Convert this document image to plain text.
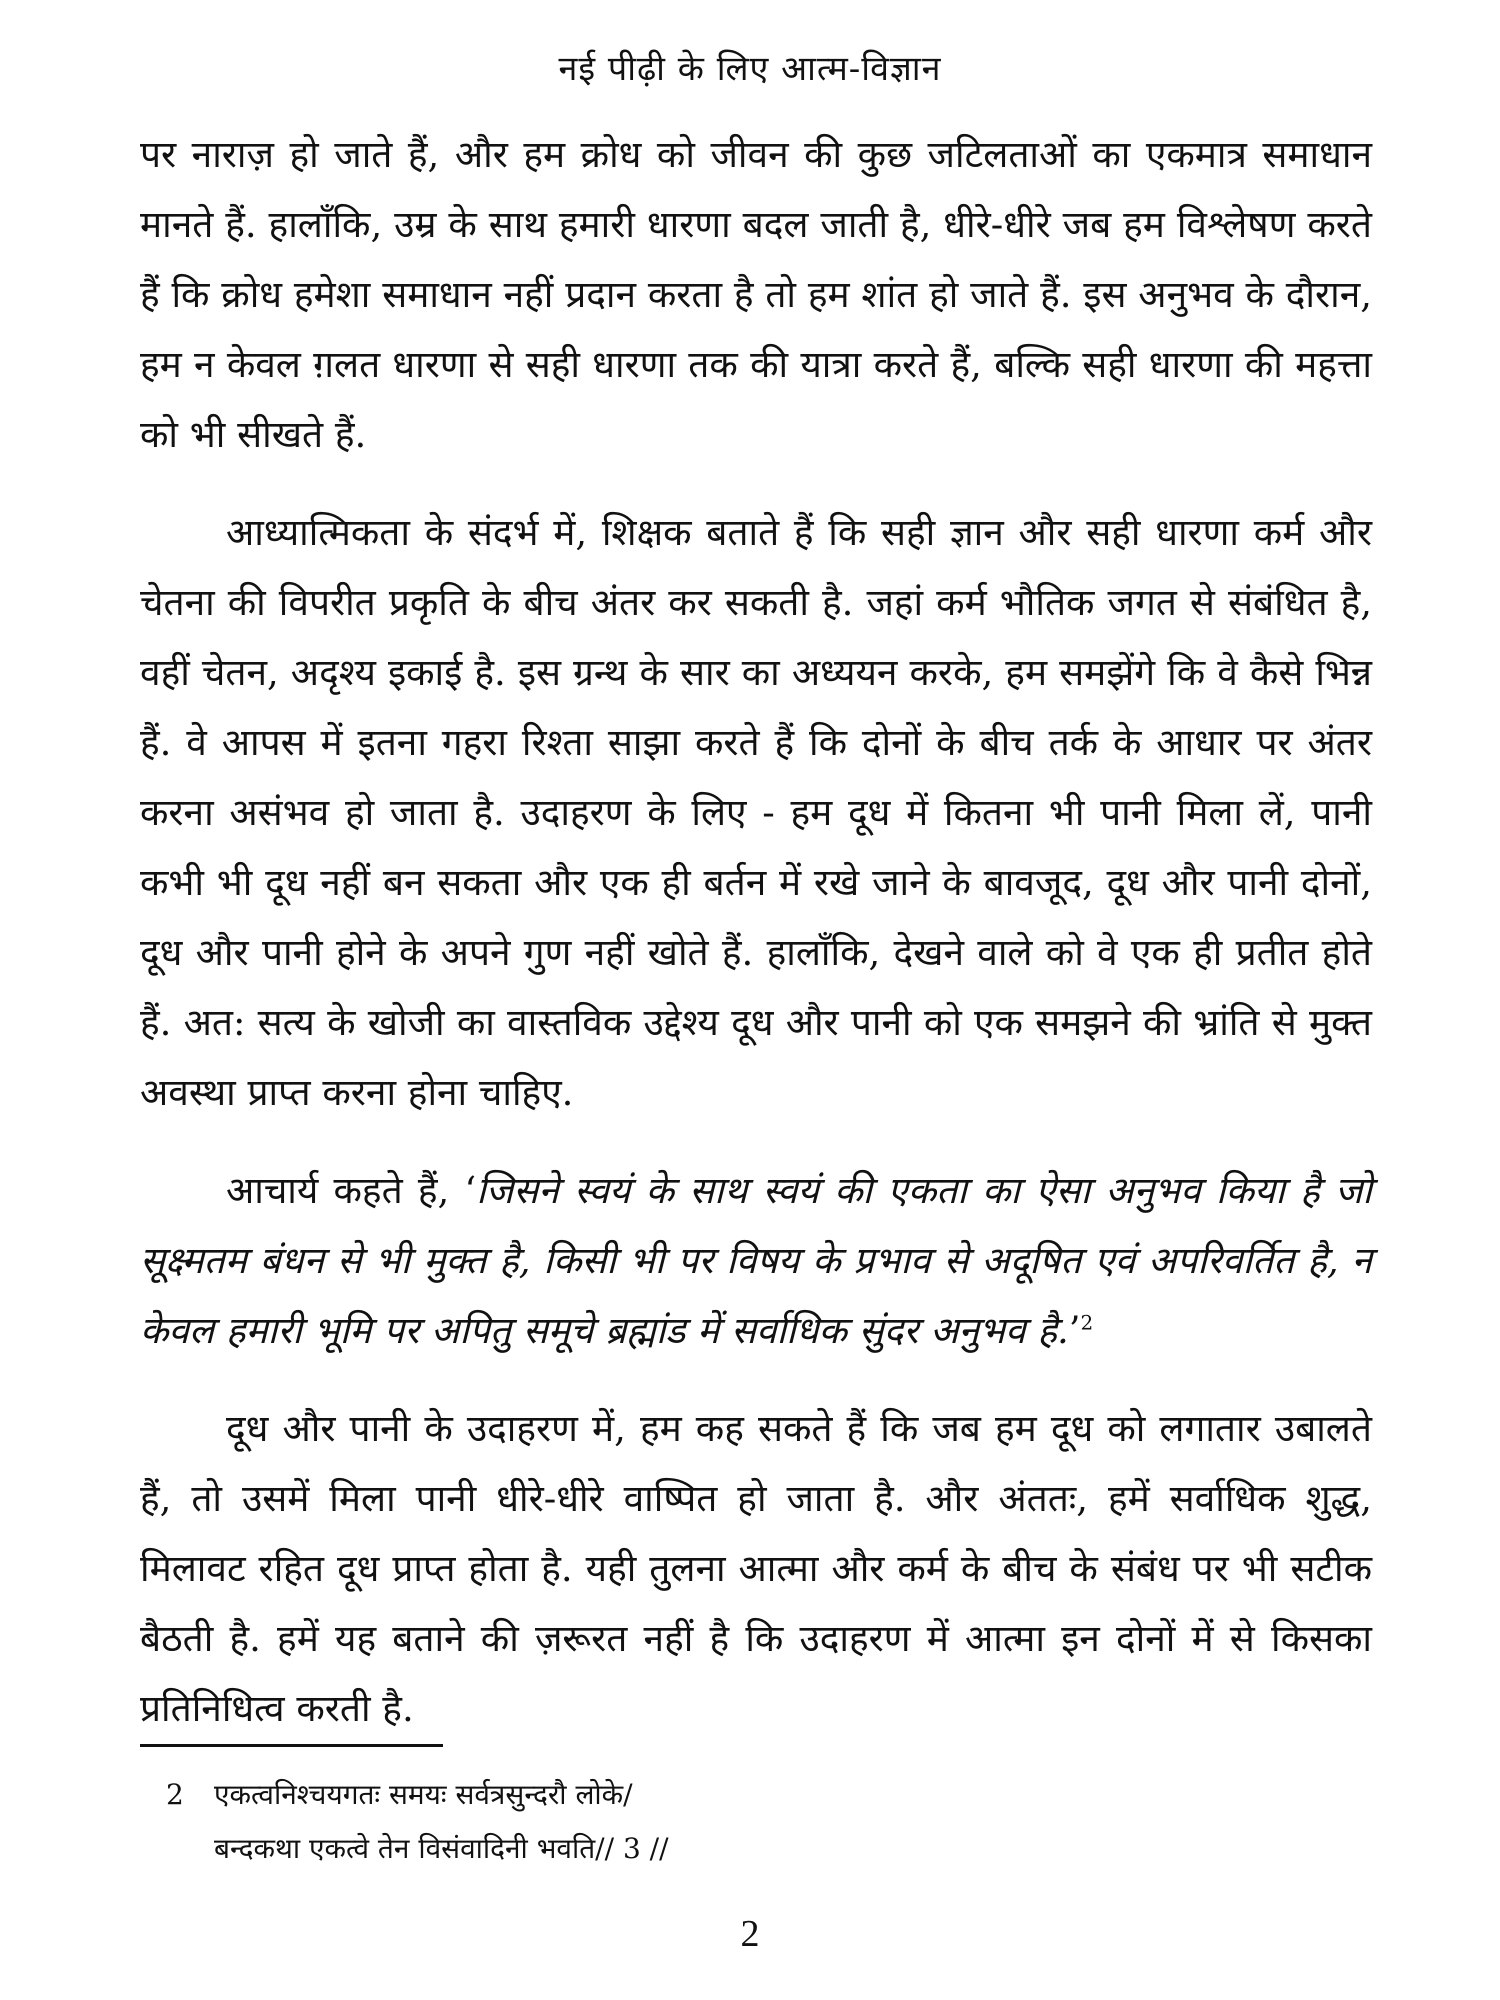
नई पीढ़ी के लिए आत्म-विज्ञान

पर नाराज़ हो जाते हैं, और हम क्रोध को जीवन की कुछ जटिलताओं का एकमात्र समाधान मानते हैं. हालाँकि, उम्र के साथ हमारी धारणा बदल जाती है, धीरे-धीरे जब हम विश्लेषण करते हैं कि क्रोध हमेशा समाधान नहीं प्रदान करता है तो हम शांत हो जाते हैं. इस अनुभव के दौरान, हम न केवल ग़लत धारणा से सही धारणा तक की यात्रा करते हैं, बल्कि सही धारणा की महत्ता को भी सीखते हैं.

आध्यात्मिकता के संदर्भ में, शिक्षक बताते हैं कि सही ज्ञान और सही धारणा कर्म और चेतना की विपरीत प्रकृति के बीच अंतर कर सकती है. जहां कर्म भौतिक जगत से संबंधित है, वहीं चेतन, अदृश्य इकाई है. इस ग्रन्थ के सार का अध्ययन करके, हम समझेंगे कि वे कैसे भिन्न हैं. वे आपस में इतना गहरा रिश्ता साझा करते हैं कि दोनों के बीच तर्क के आधार पर अंतर करना असंभव हो जाता है. उदाहरण के लिए - हम दूध में कितना भी पानी मिला लें, पानी कभी भी दूध नहीं बन सकता और एक ही बर्तन में रखे जाने के बावजूद, दूध और पानी दोनों, दूध और पानी होने के अपने गुण नहीं खोते हैं. हालाँकि, देखने वाले को वे एक ही प्रतीत होते हैं. अत: सत्य के खोजी का वास्तविक उद्देश्य दूध और पानी को एक समझने की भ्रांति से मुक्त अवस्था प्राप्त करना होना चाहिए.

आचार्य कहते हैं, ‘जिसने स्वयं के साथ स्वयं की एकता का ऐसा अनुभव किया है जो सूक्ष्मतम बंधन से भी मुक्त है, किसी भी पर विषय के प्रभाव से अदूषित एवं अपरिवर्तित है, न केवल हमारी भूमि पर अपितु समूचे ब्रह्मांड में सर्वाधिक सुंदर अनुभव है.’$^2$

दूध और पानी के उदाहरण में, हम कह सकते हैं कि जब हम दूध को लगातार उबालते हैं, तो उसमें मिला पानी धीरे-धीरे वाष्पित हो जाता है. और अंततः, हमें सर्वाधिक शुद्ध, मिलावट रहित दूध प्राप्त होता है. यही तुलना आत्मा और कर्म के बीच के संबंध पर भी सटीक बैठती है. हमें यह बताने की ज़रूरत नहीं है कि उदाहरण में आत्मा इन दोनों में से किसका प्रतिनिधित्व करती है.

2 एकत्वनिश्चयगतः समयः सर्वत्रसुन्दरौ लोके/
बन्दकथा एकत्वे तेन विसंवादिनी भवति// 3 //
2
